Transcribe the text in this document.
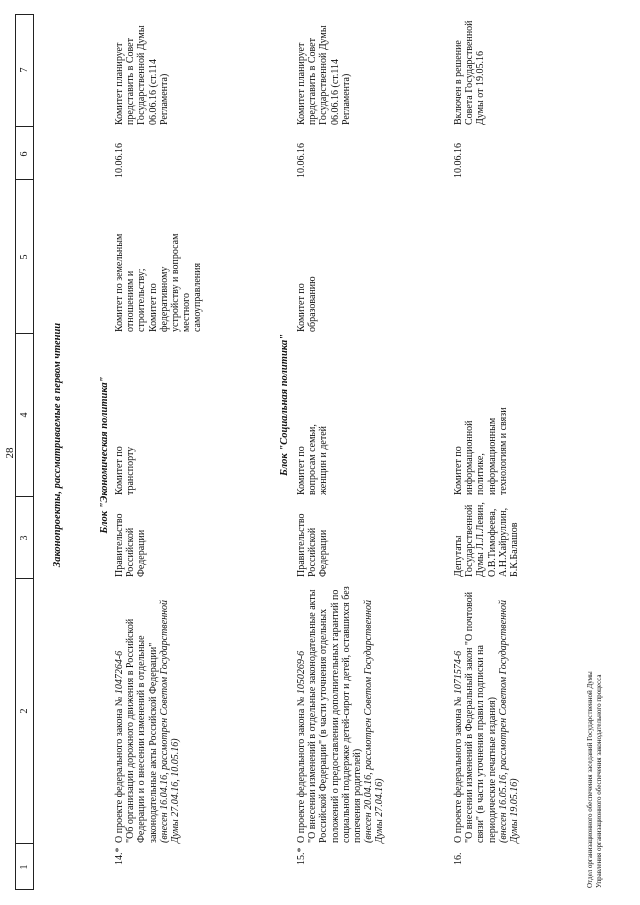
28
1
2
3
4
5
6
7
Законопроекты, рассматриваемые в первом чтении	Блок "Экономическая политика"	Блок "Социальная политика"
14.*
О проекте федерального закона № 1047264-6
"Об организации дорожного движения в Российской Федерации и о внесении изменений в отдельные законодательные акты Российской Федерации"
(внесен 16.04.16, рассмотрен Советом Государственной Думы 27.04.16, 10.05.16)
Правительство Российской Федерации
Комитет по транспорту
Комитет по земельным отношениям и строительству; Комитет по федеративному устройству и вопросам местного самоуправления
10.06.16
Комитет планирует представить в Совет Государственной Думы 06.06.16 (ст.114 Регламента)
15.*
О проекте федерального закона № 1050269-6
"О внесении изменений в отдельные законодательные акты Российской Федерации" (в части уточнения отдельных положений о предоставлении дополнительных гарантий по социальной поддержке детей-сирот и детей, оставшихся без попечения родителей)
(внесен 20.04.16, рассмотрен Советом Государственной Думы 27.04.16)
Правительство Российской Федерации
Комитет по вопросам семьи, женщин и детей
Комитет по образованию
10.06.16
Комитет планирует представить в Совет Государственной Думы 06.06.16 (ст.114 Регламента)
16.
О проекте федерального закона № 1071574-6
"О внесении изменений в Федеральный закон "О почтовой связи" (в части уточнения правил подписки на периодические печатные издания)
(внесен 16.05.16, рассмотрен Советом Государственной Думы 19.05.16)
Депутаты Государственной Думы Л.Л.Левин, О.В.Тимофеева, А.Н.Хайруллин, Б.К.Балашов
Комитет по информационной политике, информационным технологиям и связи
10.06.16
Включен в решение Совета Государственной Думы от 19.05.16
Отдел организационного обеспечения заседаний Государственной Думы Управления организационного обеспечения законодательного процесса
